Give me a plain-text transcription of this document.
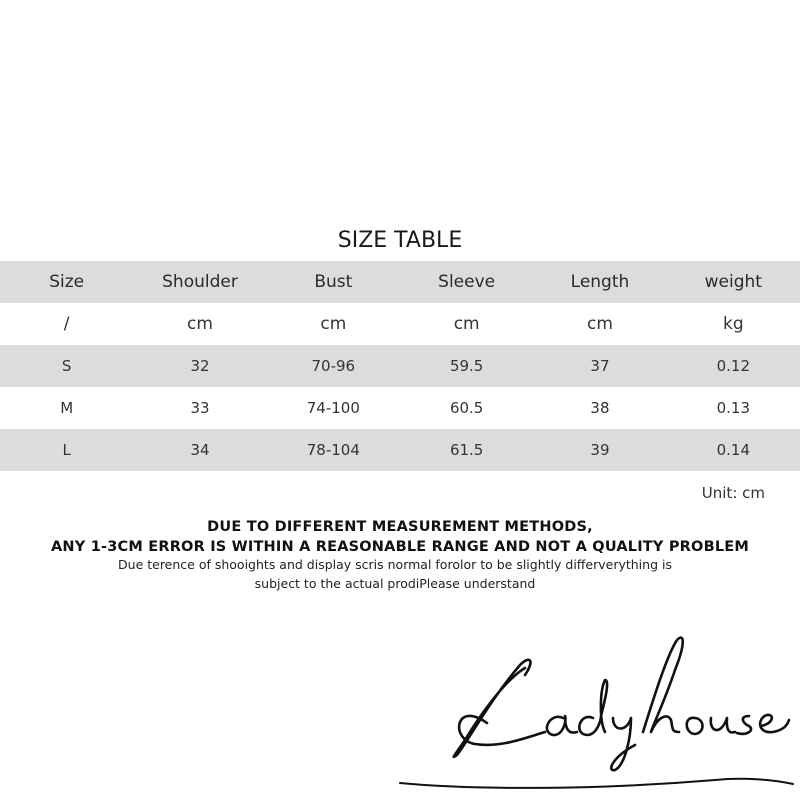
SIZE TABLE
Size	Shoulder	Bust	Sleeve	Length	weight
/	cm	cm	cm	cm	kg
S	32	70-96	59.5	37	0.12
M	33	74-100	60.5	38	0.13
L	34	78-104	61.5	39	0.14
Unit: cm
DUE TO DIFFERENT MEASUREMENT METHODS,
ANY 1-3CM ERROR IS WITHIN A REASONABLE RANGE AND NOT A QUALITY PROBLEM
Due terence of shooights and display scris normal forolor to be slightly differverything is
subject to the actual prodiPlease understand
